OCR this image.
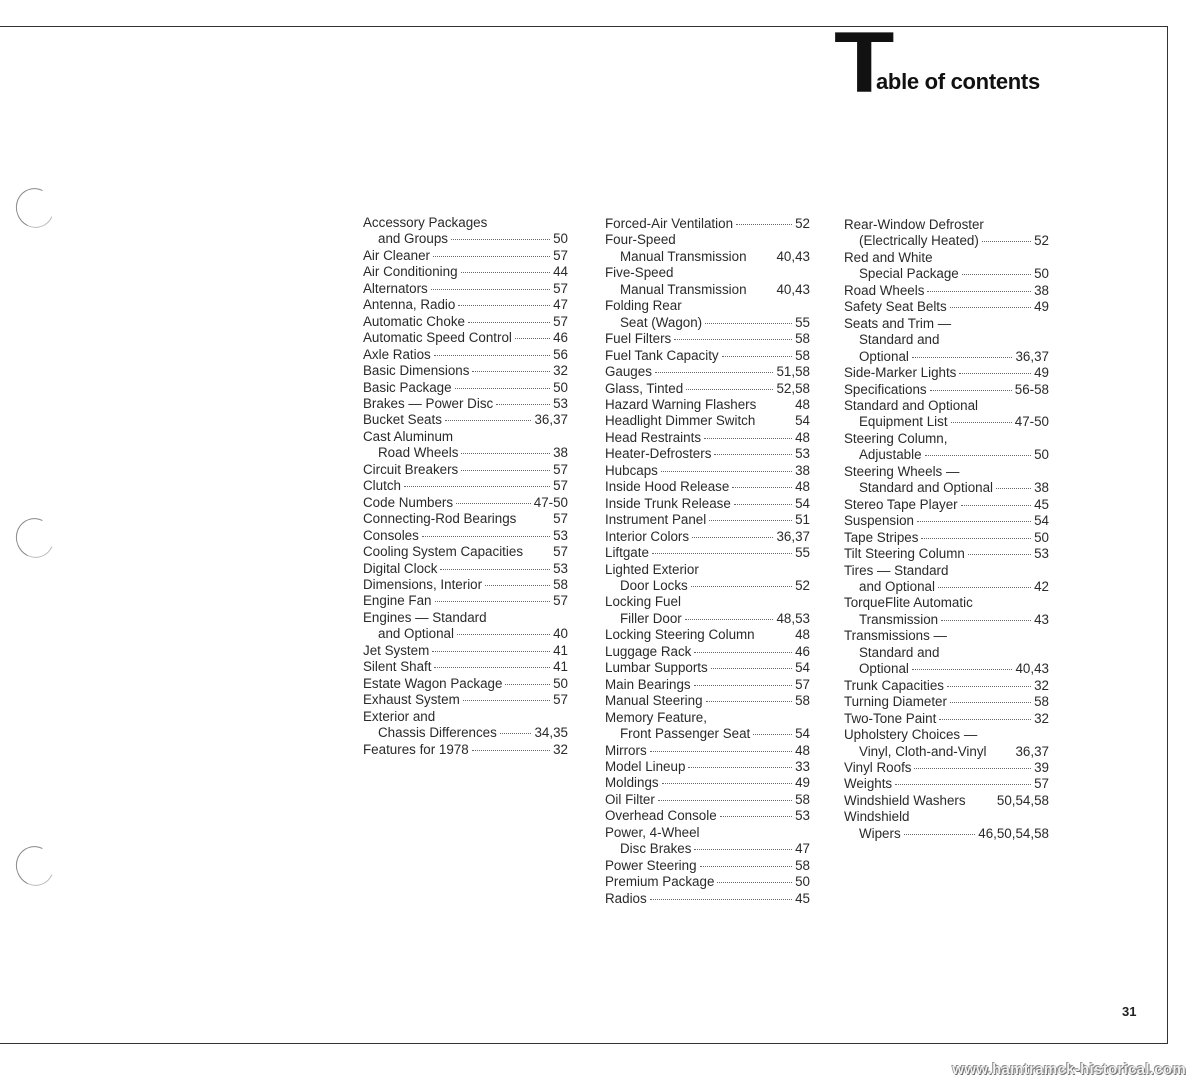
T
able of contents
Accessory Packages
and Groups	50
Air Cleaner	57
Air Conditioning	44
Alternators	57
Antenna, Radio	47
Automatic Choke	57
Automatic Speed Control	46
Axle Ratios	56
Basic Dimensions	32
Basic Package	50
Brakes — Power Disc	53
Bucket Seats	36,37
Cast Aluminum
Road Wheels	38
Circuit Breakers	57
Clutch	57
Code Numbers	47-50
Connecting-Rod Bearings	57
Consoles	53
Cooling System Capacities 57
Digital Clock	53
Dimensions, Interior	58
Engine Fan	57
Engines — Standard
and Optional	40
Jet System	41
Silent Shaft	41
Estate Wagon Package	50
Exhaust System	57
Exterior and
Chassis Differences	34,35
Features for 1978	32
Forced-Air Ventilation	52
Four-Speed
Manual Transmission 40,43
Five-Speed
Manual Transmission 40,43
Folding Rear
Seat (Wagon)	55
Fuel Filters	58
Fuel Tank Capacity	58
Gauges	51,58
Glass, Tinted	52,58
Hazard Warning Flashers	48
Headlight Dimmer Switch	54
Head Restraints	48
Heater-Defrosters	53
Hubcaps	38
Inside Hood Release	48
Inside Trunk Release	54
Instrument Panel	51
Interior Colors	36,37
Liftgate	55
Lighted Exterior
Door Locks	52
Locking Fuel
Filler Door	48,53
Locking Steering Column	48
Luggage Rack	46
Lumbar Supports	54
Main Bearings	57
Manual Steering	58
Memory Feature,
Front Passenger Seat	54
Mirrors	48
Model Lineup	33
Moldings	49
Oil Filter	58
Overhead Console	53
Power, 4-Wheel
Disc Brakes	47
Power Steering	58
Premium Package	50
Radios	45
Rear-Window Defroster
(Electrically Heated)	52
Red and White
Special Package	50
Road Wheels	38
Safety Seat Belts	49
Seats and Trim —
Standard and
Optional	36,37
Side-Marker Lights	49
Specifications	56-58
Standard and Optional
Equipment List	47-50
Steering Column,
Adjustable	50
Steering Wheels —
Standard and Optional	38
Stereo Tape Player	45
Suspension	54
Tape Stripes	50
Tilt Steering Column	53
Tires — Standard
and Optional	42
TorqueFlite Automatic
Transmission	43
Transmissions —
Standard and
Optional	40,43
Trunk Capacities	32
Turning Diameter	58
Two-Tone Paint	32
Upholstery Choices —
Vinyl, Cloth-and-Vinyl 36,37
Vinyl Roofs	39
Weights	57
Windshield Washers 50,54,58
Windshield
Wipers	46,50,54,58
31
www.hamtramck-historical.com
